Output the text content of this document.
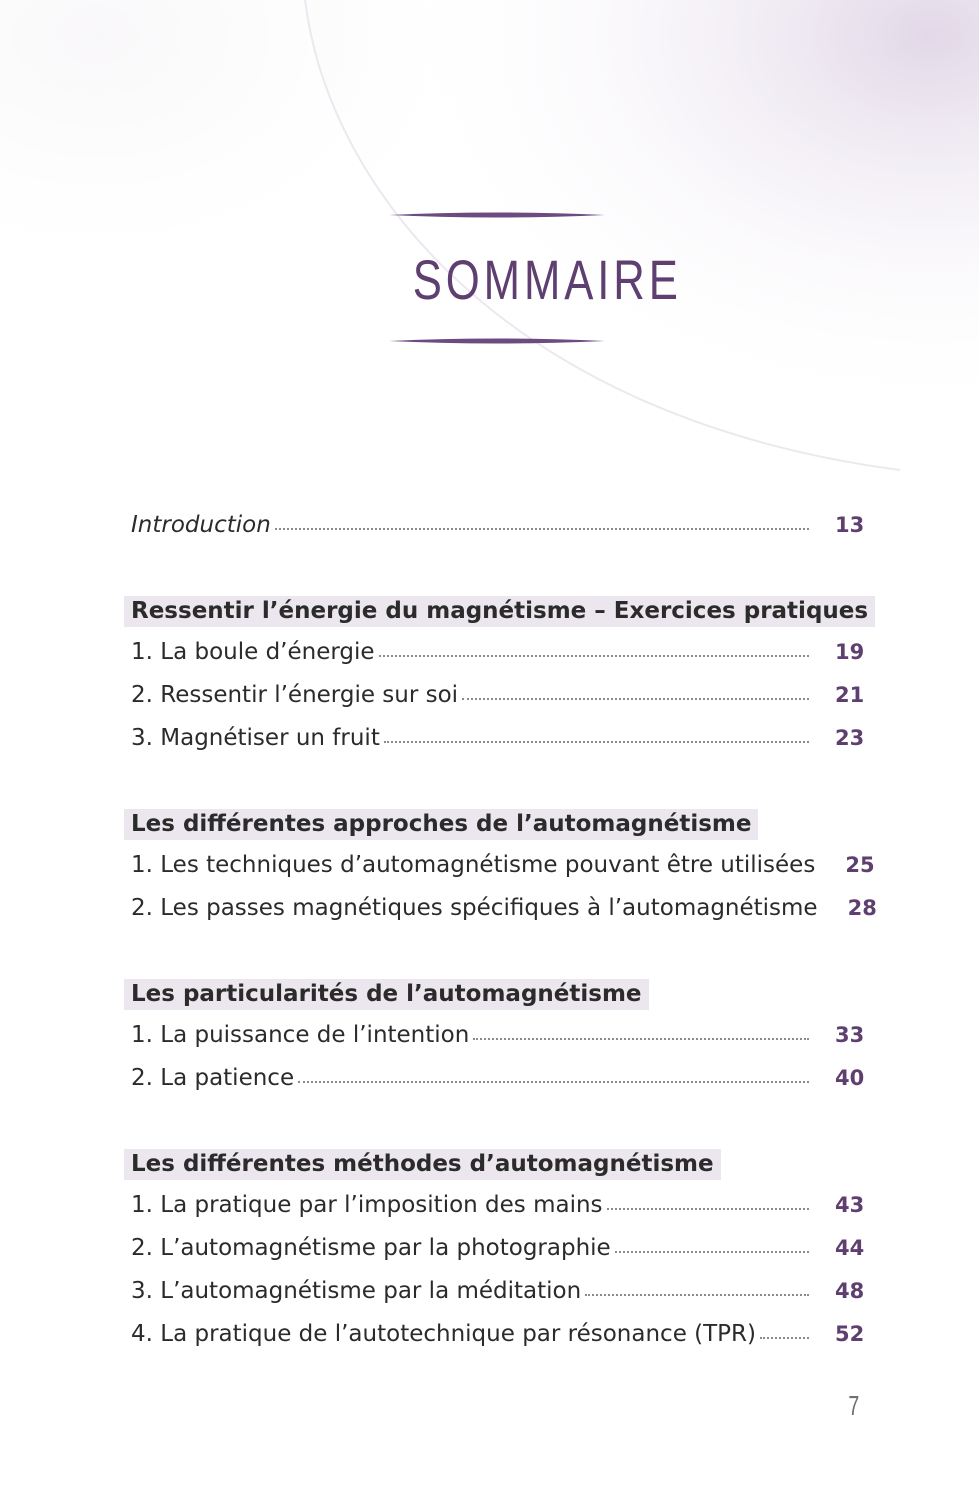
SOMMAIRE
Introduction	13
Ressentir l’énergie du magnétisme – Exercices pratiques
1. La boule d’énergie	19
2. Ressentir l’énergie sur soi	21
3. Magnétiser un fruit	23
Les différentes approches de l’automagnétisme
1. Les techniques d’automagnétisme pouvant être utilisées 25
2. Les passes magnétiques spécifiques à l’automagnétisme 28
Les particularités de l’automagnétisme
1. La puissance de l’intention	33
2. La patience	40
Les différentes méthodes d’automagnétisme
1. La pratique par l’imposition des mains	43
2. L’automagnétisme par la photographie	44
3. L’automagnétisme par la méditation	48
4. La pratique de l’autotechnique par résonance (TPR)	52
7
